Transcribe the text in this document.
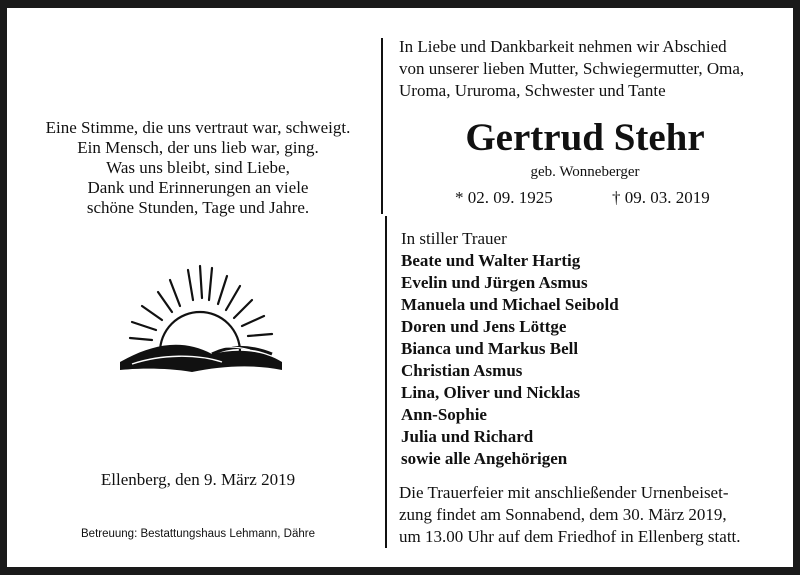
Eine Stimme, die uns vertraut war, schweigt.
Ein Mensch, der uns lieb war, ging.
Was uns bleibt, sind Liebe,
Dank und Erinnerungen an viele
schöne Stunden, Tage und Jahre.
Ellenberg, den 9. März 2019
Betreuung: Bestattungshaus Lehmann, Dähre
In Liebe und Dankbarkeit nehmen wir Abschied
von unserer lieben Mutter, Schwiegermutter, Oma,
Uroma, Ururoma, Schwester und Tante
Gertrud Stehr
geb. Wonneberger
* 02. 09. 1925	† 09. 03. 2019
In stiller Trauer
Beate und Walter Hartig
Evelin und Jürgen Asmus
Manuela und Michael Seibold
Doren und Jens Löttge
Bianca und Markus Bell
Christian Asmus
Lina, Oliver und Nicklas
Ann-Sophie
Julia und Richard
sowie alle Angehörigen
Die Trauerfeier mit anschließender Urnenbeiset-
zung findet am Sonnabend, dem 30. März 2019,
um 13.00 Uhr auf dem Friedhof in Ellenberg statt.
